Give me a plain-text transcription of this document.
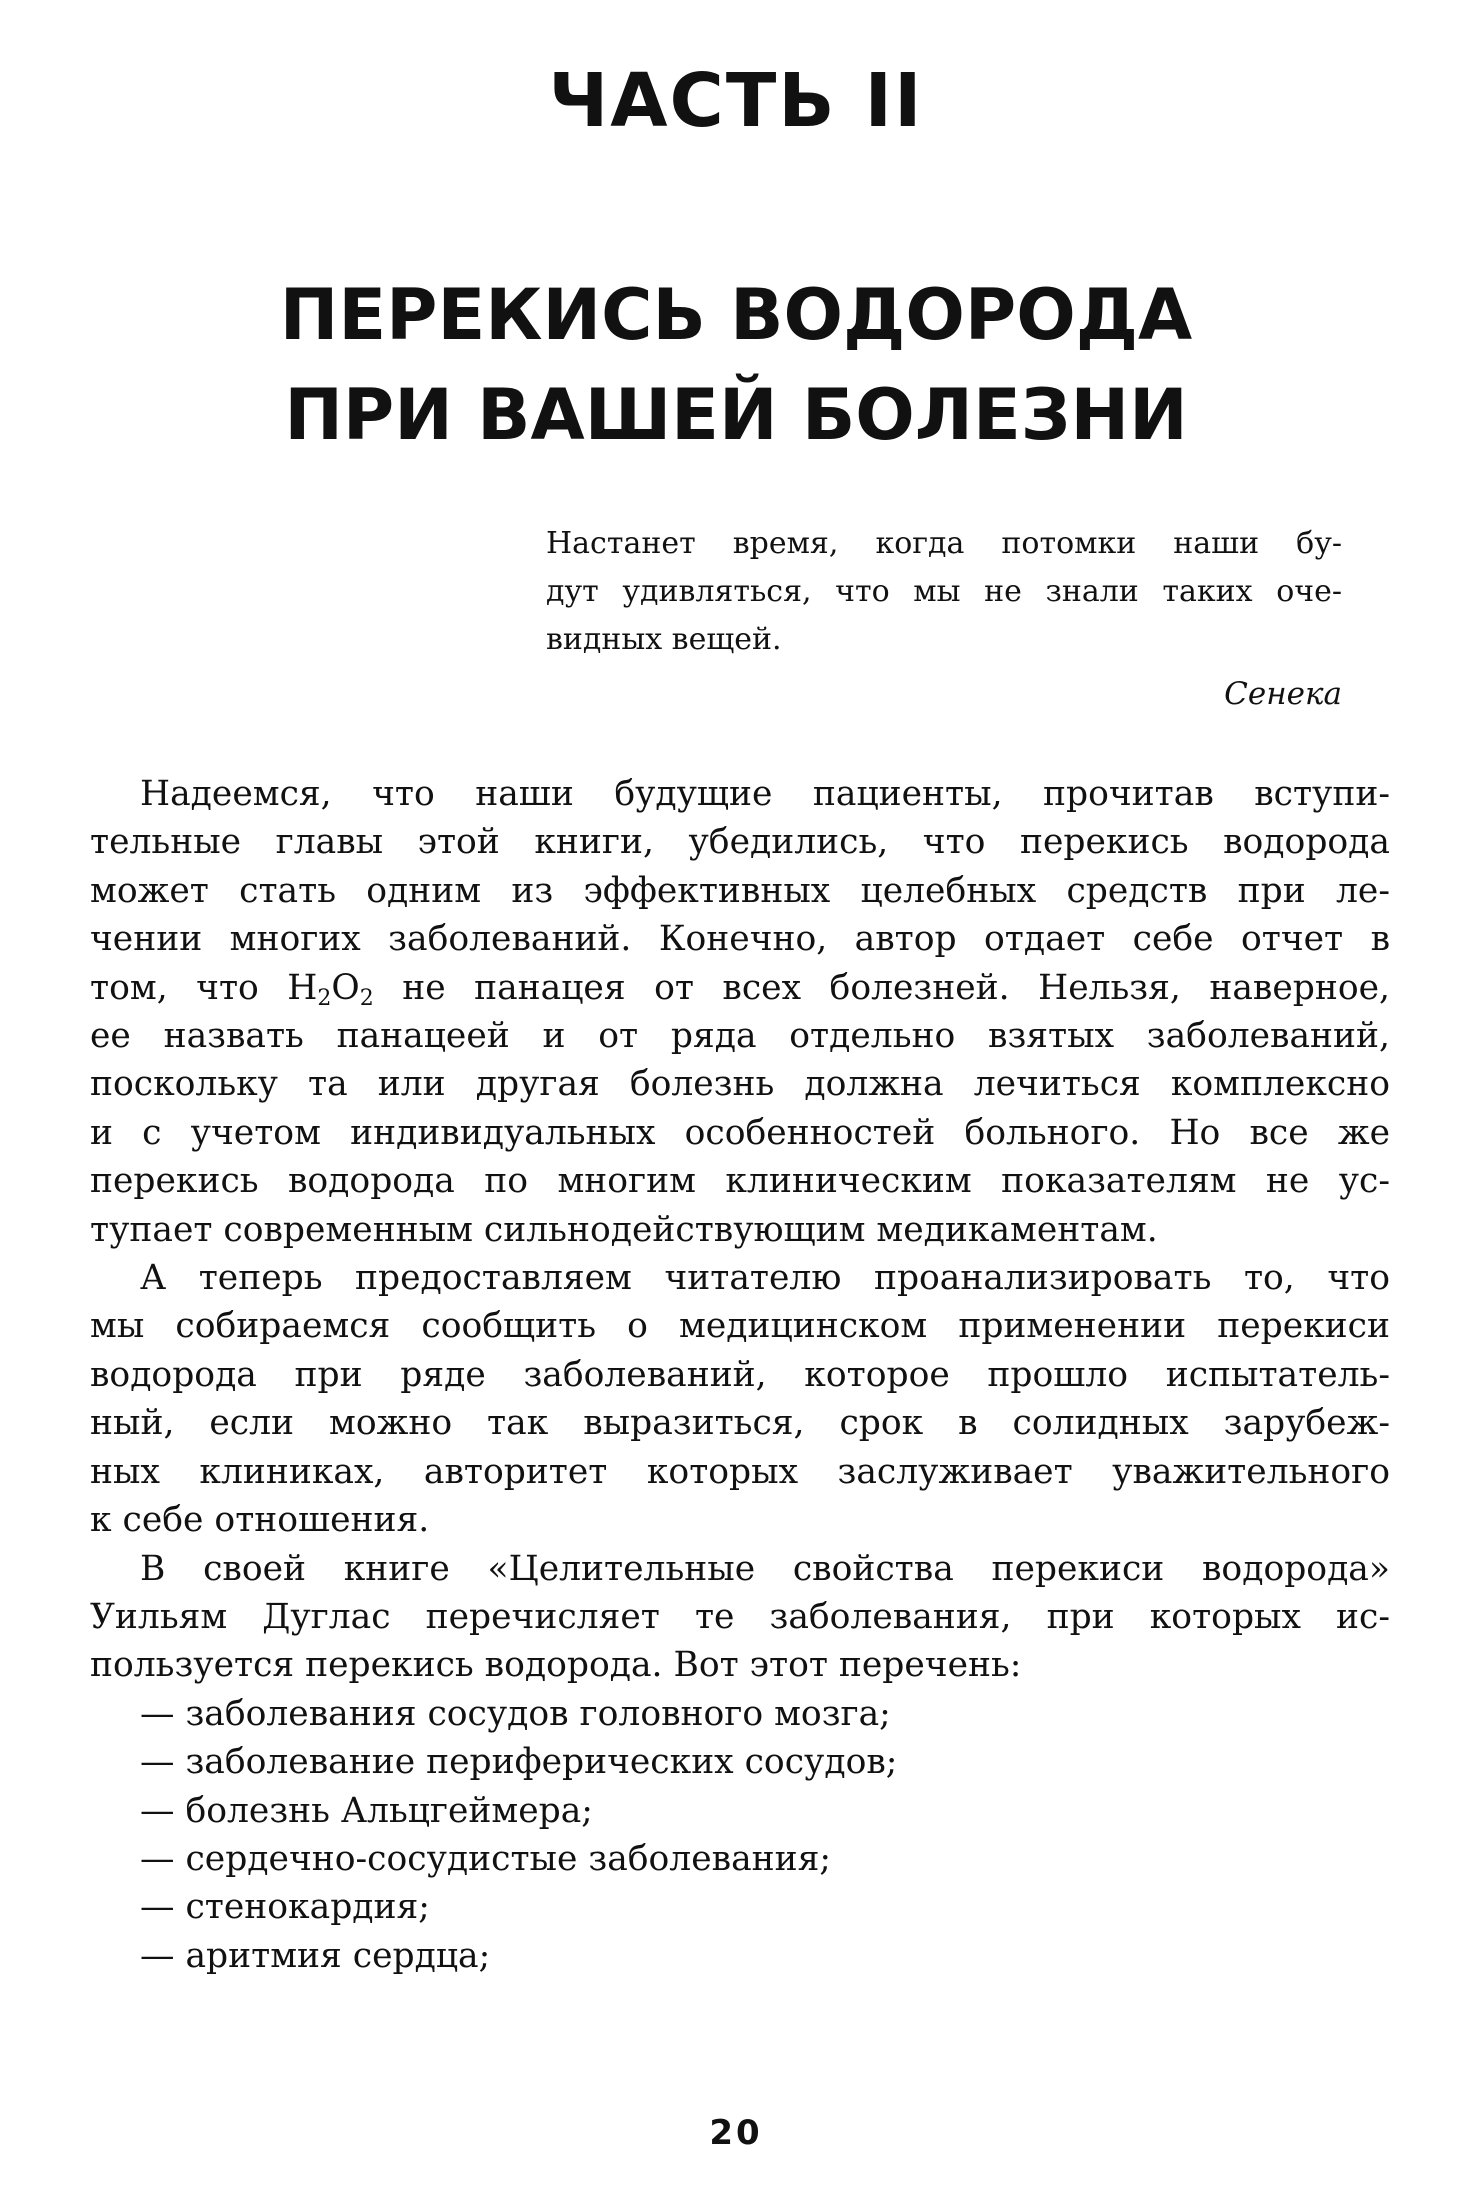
ЧАСТЬ II
ПЕРЕКИСЬ ВОДОРОДА
ПРИ ВАШЕЙ БОЛЕЗНИ
Настанет время, когда потомки наши бу-
дут удивляться, что мы не знали таких оче-
видных вещей.
Сенека
Надеемся, что наши будущие пациенты, прочитав вступи-
тельные главы этой книги, убедились, что перекись водорода
может стать одним из эффективных целебных средств при ле-
чении многих заболеваний. Конечно, автор отдает себе отчет в
том, что $H_2O_2$ не панацея от всех болезней. Нельзя, наверное,
ее назвать панацеей и от ряда отдельно взятых заболеваний,
поскольку та или другая болезнь должна лечиться комплексно
и с учетом индивидуальных особенностей больного. Но все же
перекись водорода по многим клиническим показателям не ус-
тупает современным сильнодействующим медикаментам.
А теперь предоставляем читателю проанализировать то, что
мы собираемся сообщить о медицинском применении перекиси
водорода при ряде заболеваний, которое прошло испытатель-
ный, если можно так выразиться, срок в солидных зарубеж-
ных клиниках, авторитет которых заслуживает уважительного
к себе отношения.
В своей книге «Целительные свойства перекиси водорода»
Уильям Дуглас перечисляет те заболевания, при которых ис-
пользуется перекись водорода. Вот этот перечень:
— заболевания сосудов головного мозга;
— заболевание периферических сосудов;
— болезнь Альцгеймера;
— сердечно-сосудистые заболевания;
— стенокардия;
— аритмия сердца;
20
